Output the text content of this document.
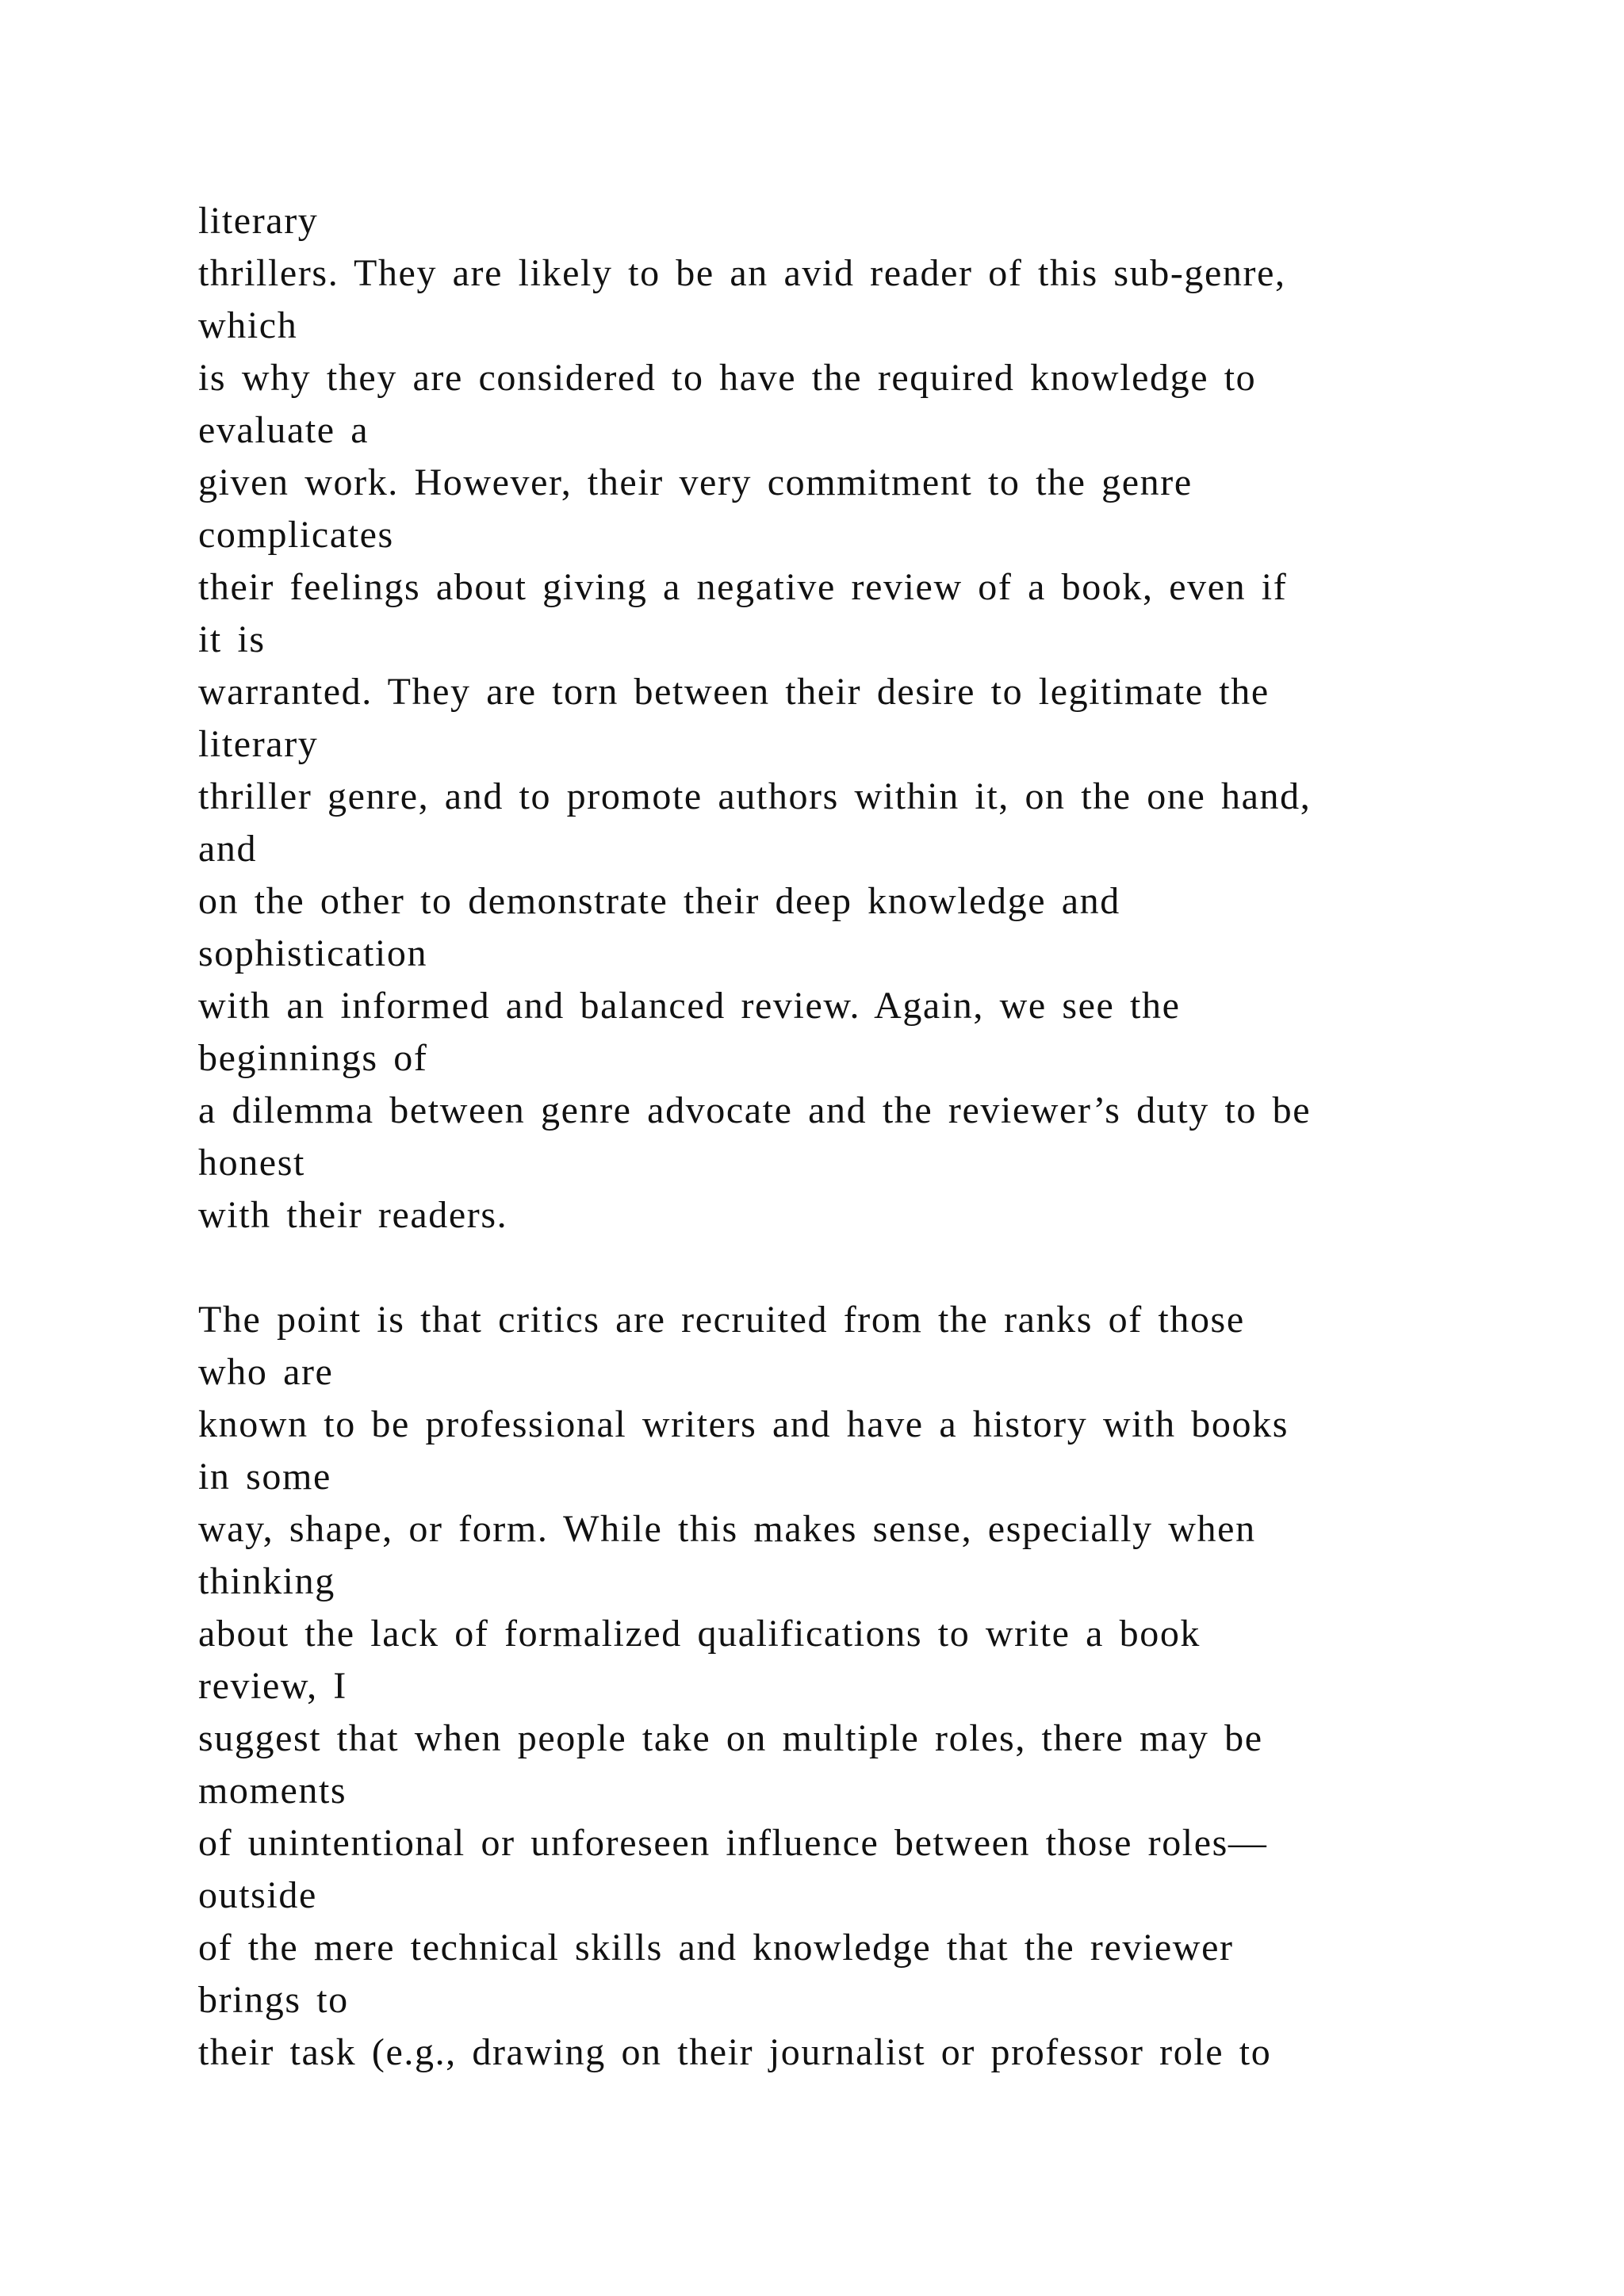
literary
thrillers. They are likely to be an avid reader of this sub-genre,
which
is why they are considered to have the required knowledge to
evaluate a
given work. However, their very commitment to the genre
complicates
their feelings about giving a negative review of a book, even if
it is
warranted. They are torn between their desire to legitimate the
literary
thriller genre, and to promote authors within it, on the one hand,
and
on the other to demonstrate their deep knowledge and
sophistication
with an informed and balanced review. Again, we see the
beginnings of
a dilemma between genre advocate and the reviewer’s duty to be
honest
with their readers.
The point is that critics are recruited from the ranks of those
who are
known to be professional writers and have a history with books
in some
way, shape, or form. While this makes sense, especially when
thinking
about the lack of formalized qualifications to write a book
review, I
suggest that when people take on multiple roles, there may be
moments
of unintentional or unforeseen influence between those roles—
outside
of the mere technical skills and knowledge that the reviewer
brings to
their task (e.g., drawing on their journalist or professor role to
